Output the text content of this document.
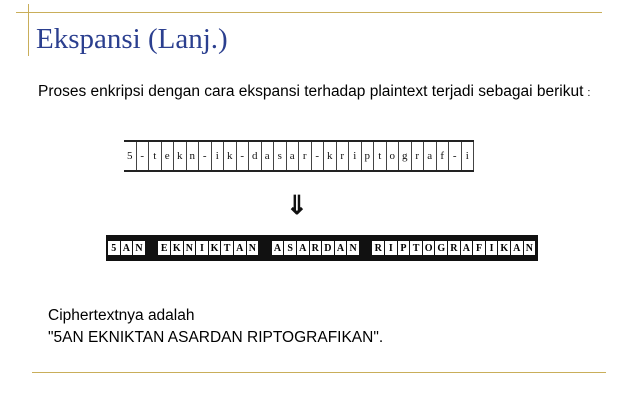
Ekspansi (Lanj.)
Proses enkripsi dengan cara ekspansi terhadap plaintext terjadi sebagai berikut :
5 - t e k n - i k - d a s a r - k r i p t o g r a f - i
⇓
5 A N E K N I K T A N A S A R D A N R I P T O G R A F I K A N
Ciphertextnya adalah
"5AN EKNIKTAN ASARDAN RIPTOGRAFIKAN".
